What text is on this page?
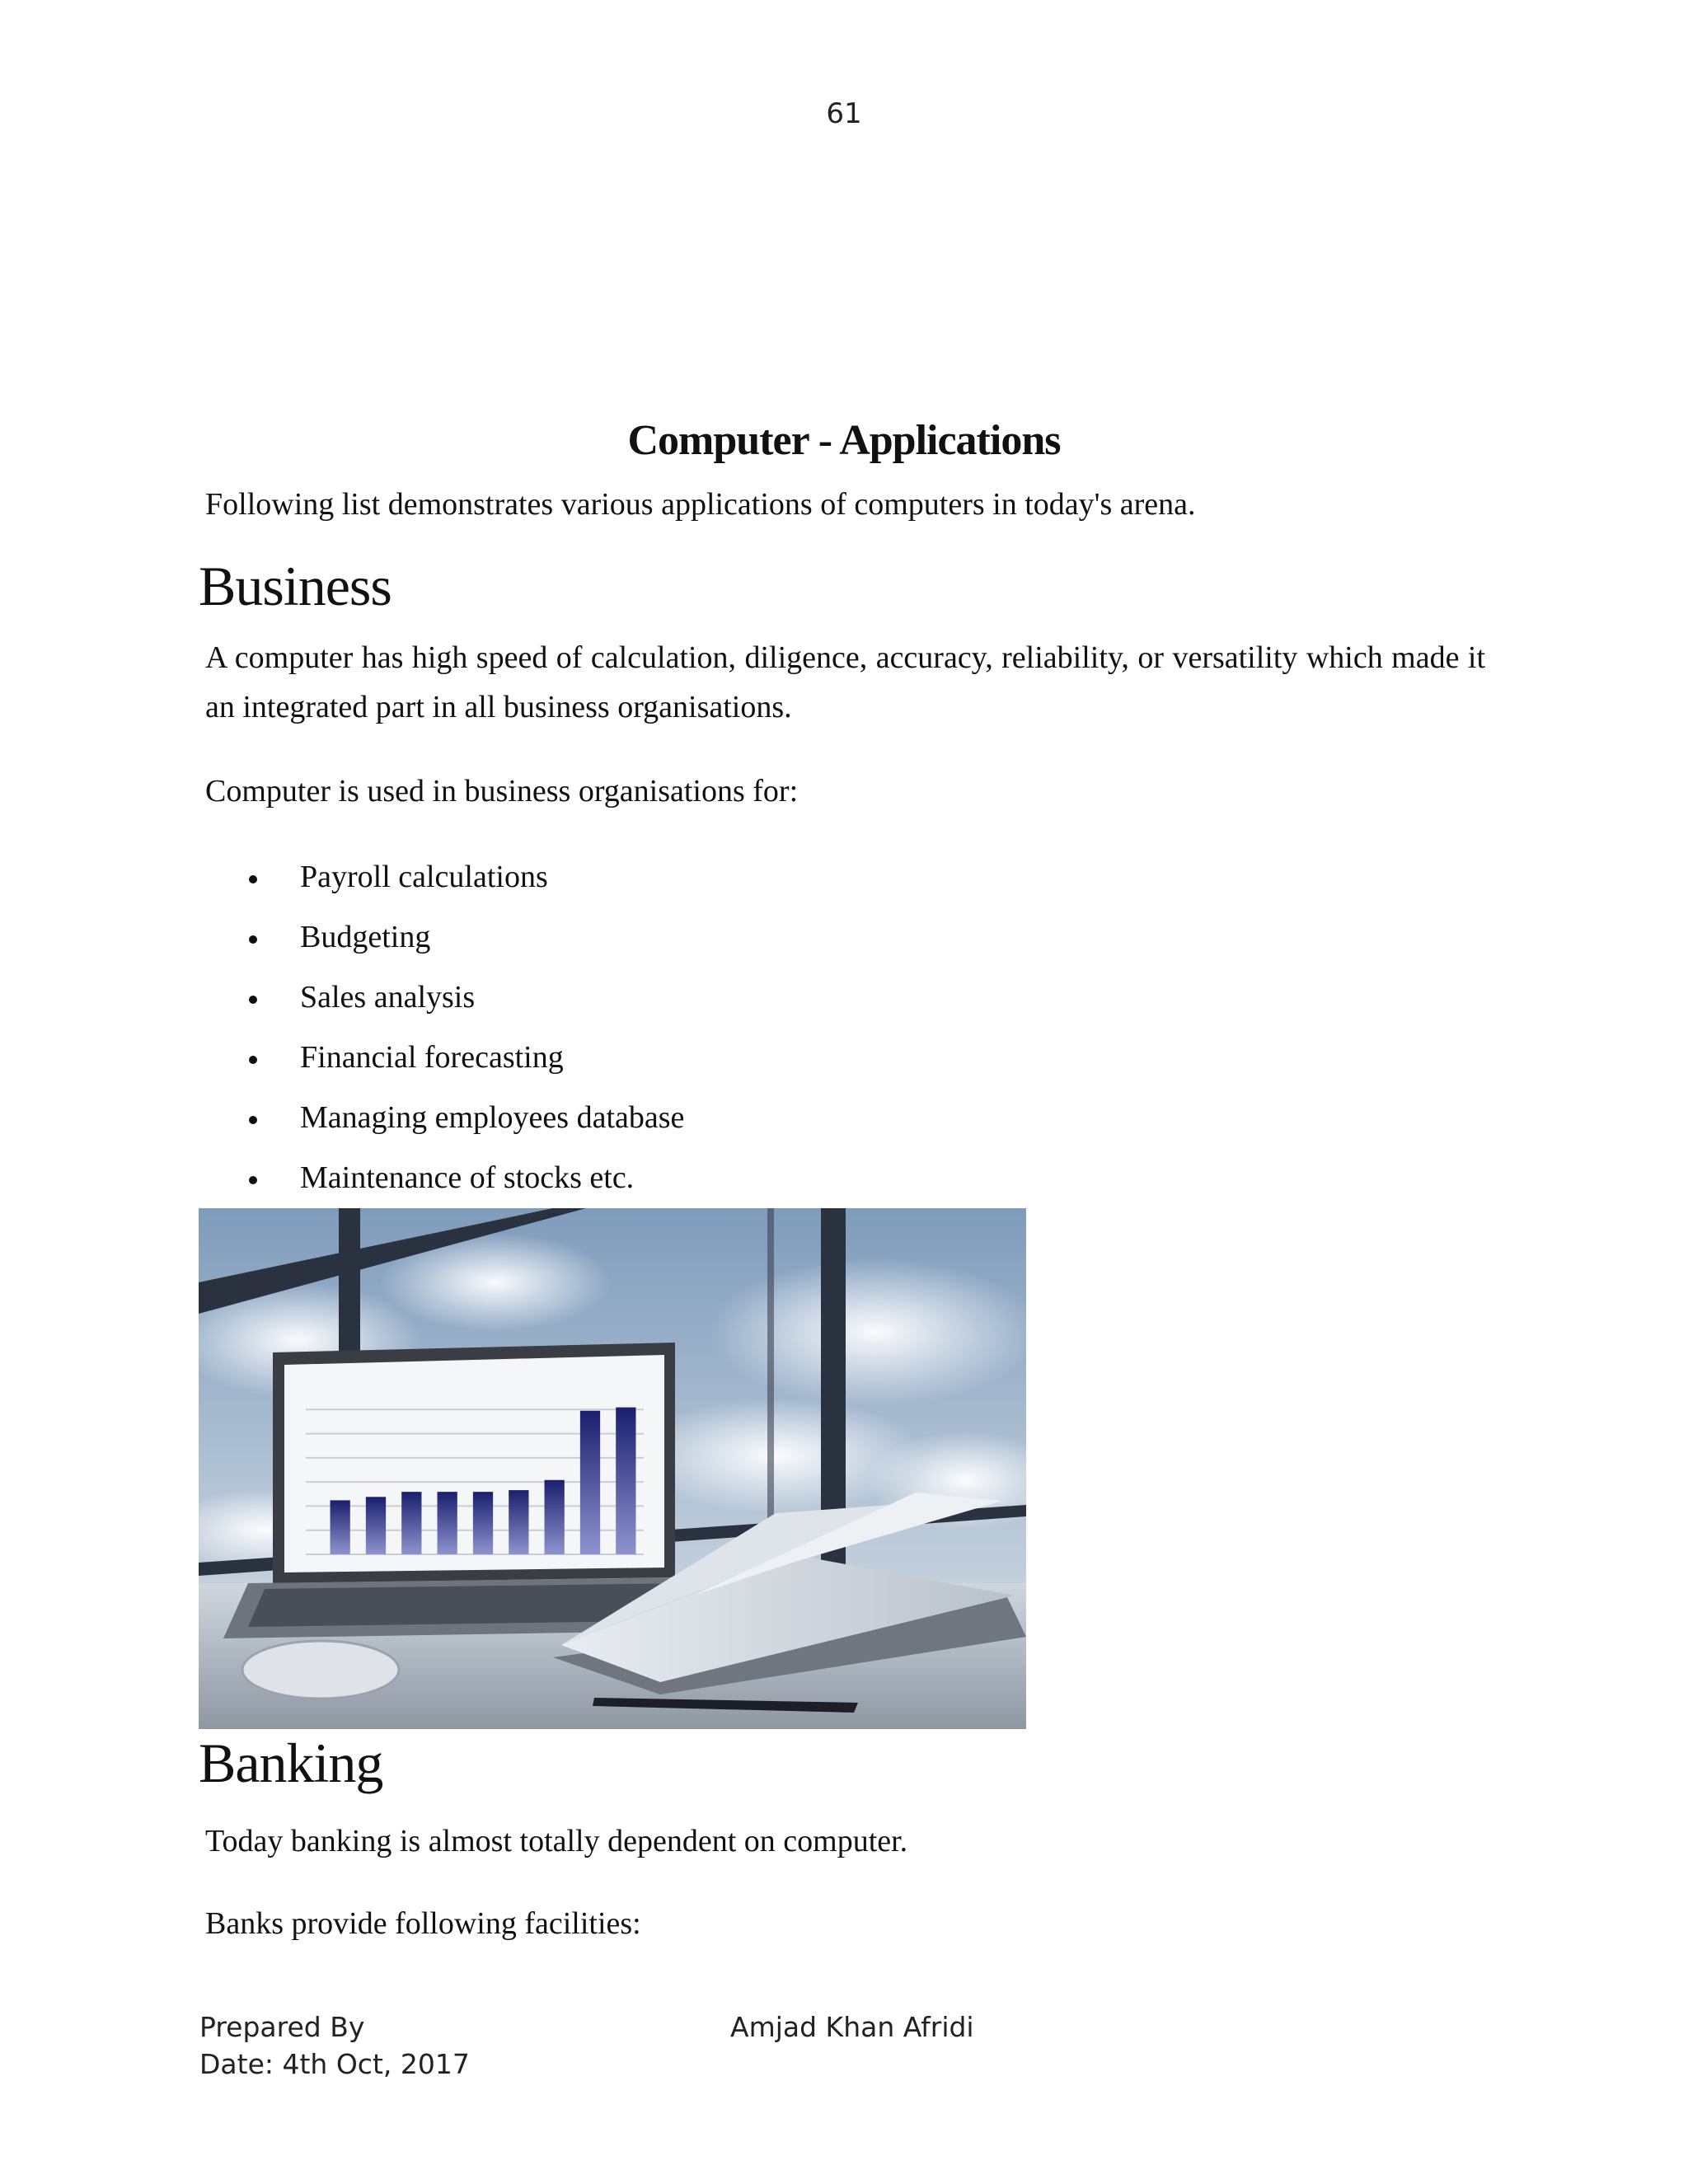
61
Computer - Applications

Following list demonstrates various applications of computers in today's arena.

Business

A computer has high speed of calculation, diligence, accuracy, reliability, or versatility which made it an integrated part in all business organisations.

Computer is used in business organisations for:

Payroll calculations
Budgeting
Sales analysis
Financial forecasting
Managing employees database
Maintenance of stocks etc.
Banking

Today banking is almost totally dependent on computer.

Banks provide following facilities:

Prepared By
Date: 4th Oct, 2017
Amjad Khan Afridi
